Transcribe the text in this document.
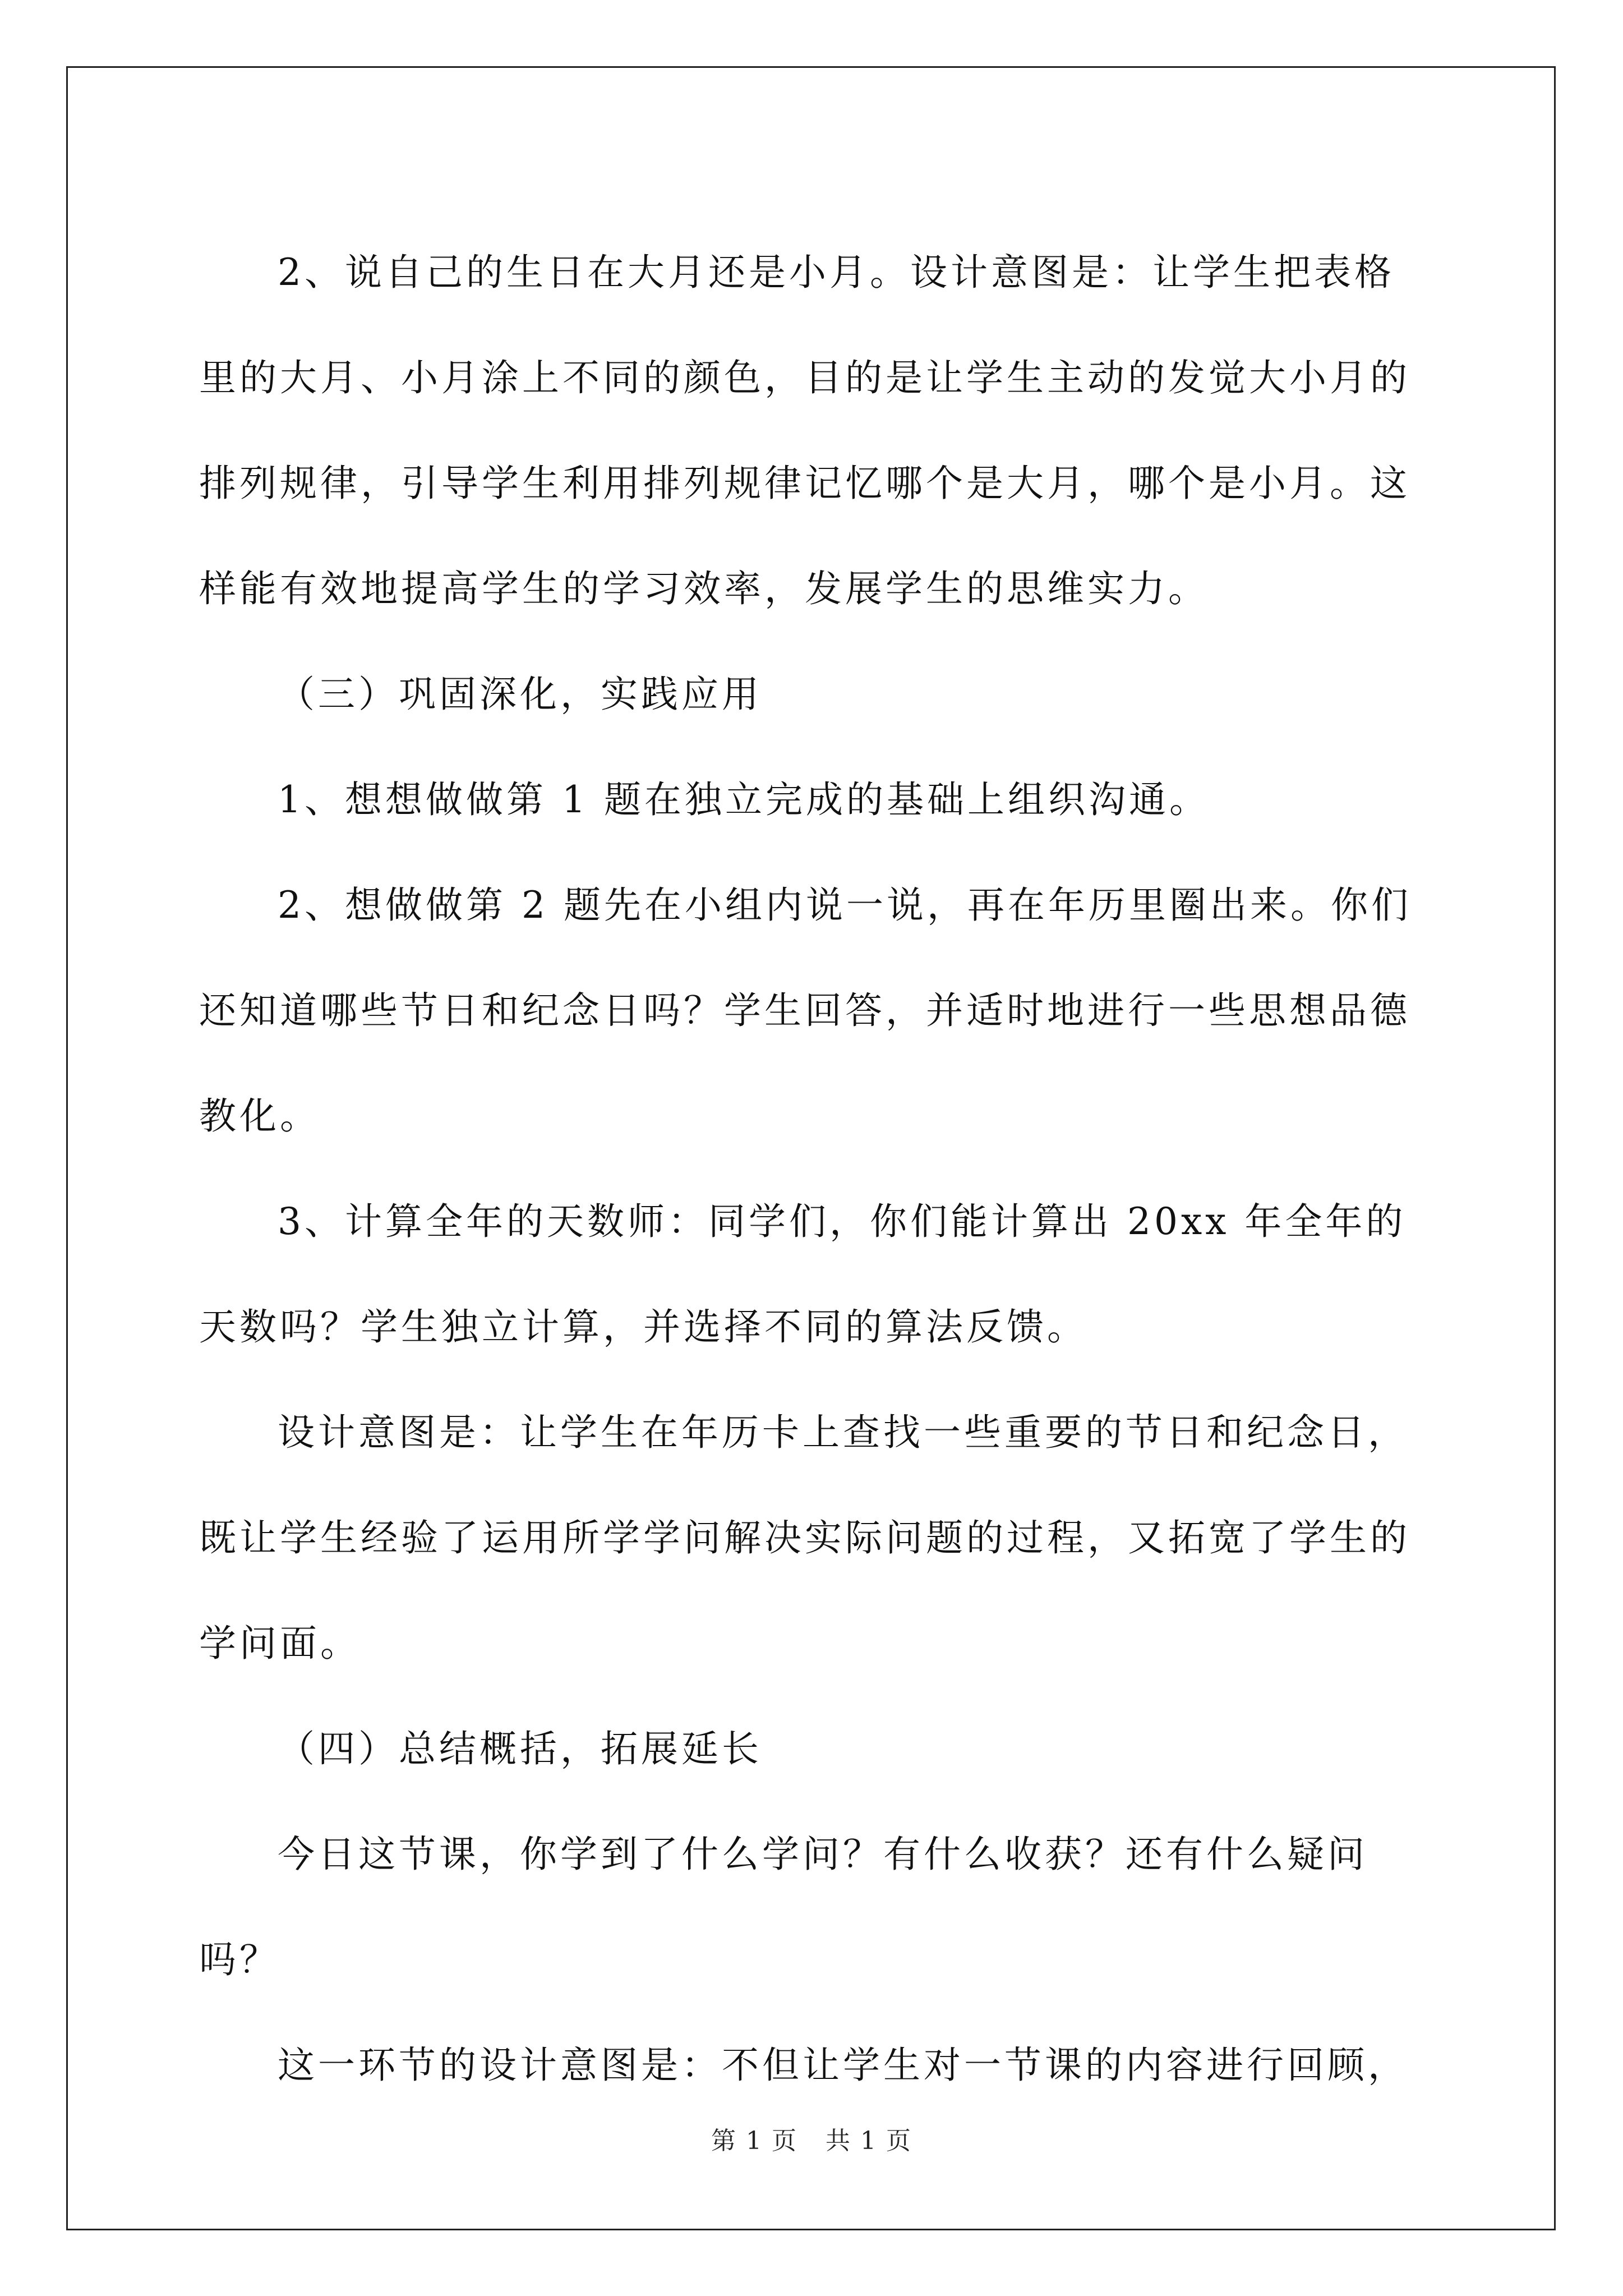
2、说自己的生日在大月还是小月。设计意图是：让学生把表格里的大月、小月涂上不同的颜色，目的是让学生主动的发觉大小月的排列规律，引导学生利用排列规律记忆哪个是大月，哪个是小月。这样能有效地提高学生的学习效率，发展学生的思维实力。

（三）巩固深化，实践应用

1、想想做做第 1 题在独立完成的基础上组织沟通。

2、想做做第 2 题先在小组内说一说，再在年历里圈出来。你们还知道哪些节日和纪念日吗？学生回答，并适时地进行一些思想品德教化。

3、计算全年的天数师：同学们，你们能计算出 20xx 年全年的天数吗？学生独立计算，并选择不同的算法反馈。

设计意图是：让学生在年历卡上查找一些重要的节日和纪念日，既让学生经验了运用所学学问解决实际问题的过程，又拓宽了学生的学问面。

（四）总结概括，拓展延长

今日这节课，你学到了什么学问？有什么收获？还有什么疑问吗？

这一环节的设计意图是：不但让学生对一节课的内容进行回顾，

第 1 页 共 1 页
